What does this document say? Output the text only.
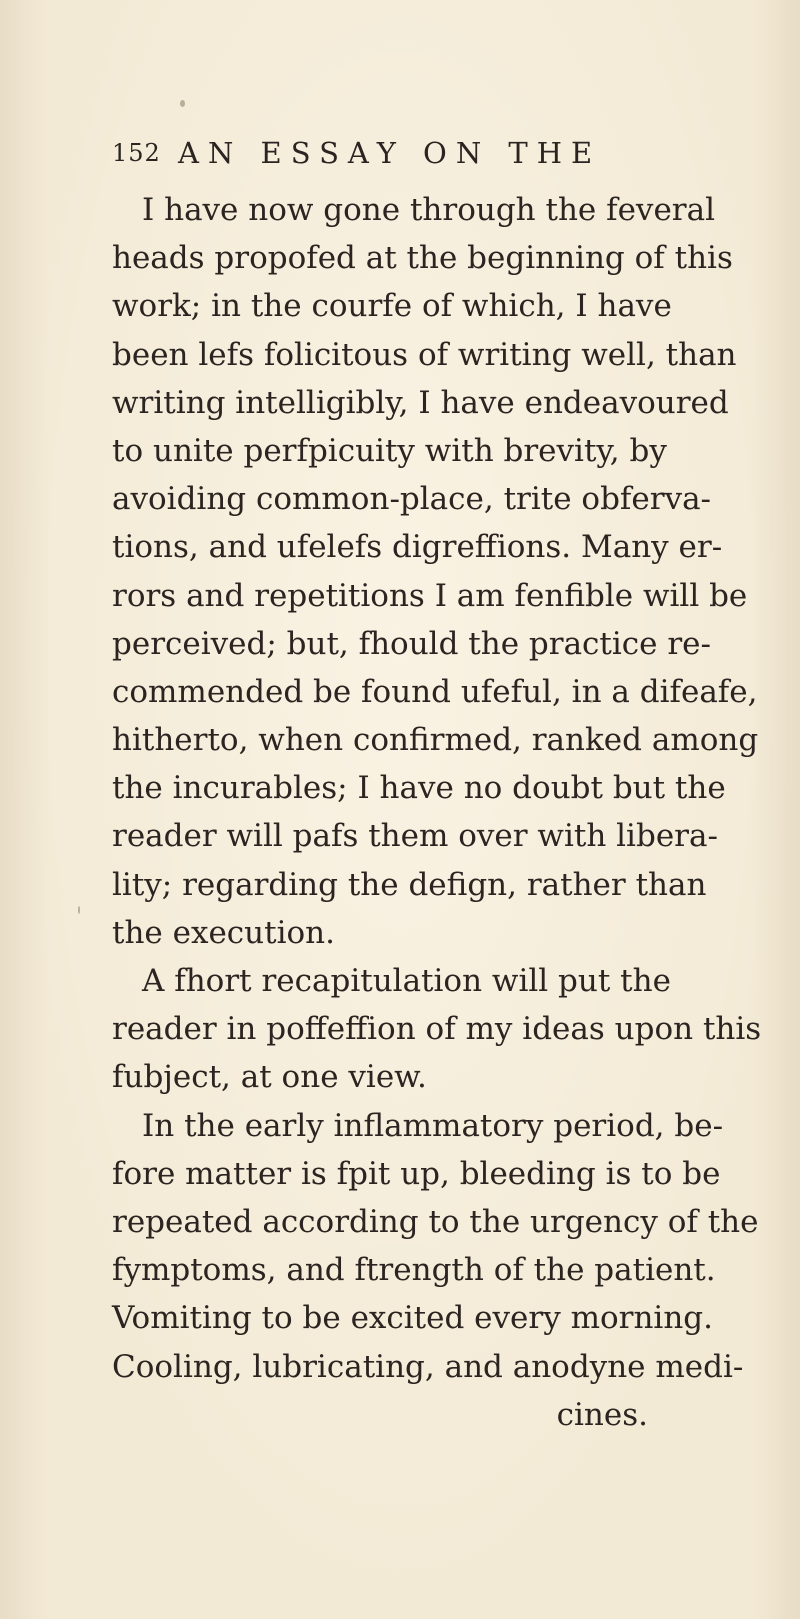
152 AN ESSAY ON THE
I have now gone through the feveral
heads propofed at the beginning of this
work; in the courfe of which, I have
been lefs folicitous of writing well, than
writing intelligibly, I have endeavoured
to unite perfpicuity with brevity, by
avoiding common-place, trite obferva-
tions, and ufelefs digreffions. Many er-
rors and repetitions I am fenfible will be
perceived; but, fhould the practice re-
commended be found ufeful, in a difeafe,
hitherto, when confirmed, ranked among
the incurables; I have no doubt but the
reader will pafs them over with libera-
lity; regarding the defign, rather than
the execution.
A fhort recapitulation will put the
reader in poffeffion of my ideas upon this
fubject, at one view.
In the early inflammatory period, be-
fore matter is fpit up, bleeding is to be
repeated according to the urgency of the
fymptoms, and ftrength of the patient.
Vomiting to be excited every morning.
Cooling, lubricating, and anodyne medi-
cines.
